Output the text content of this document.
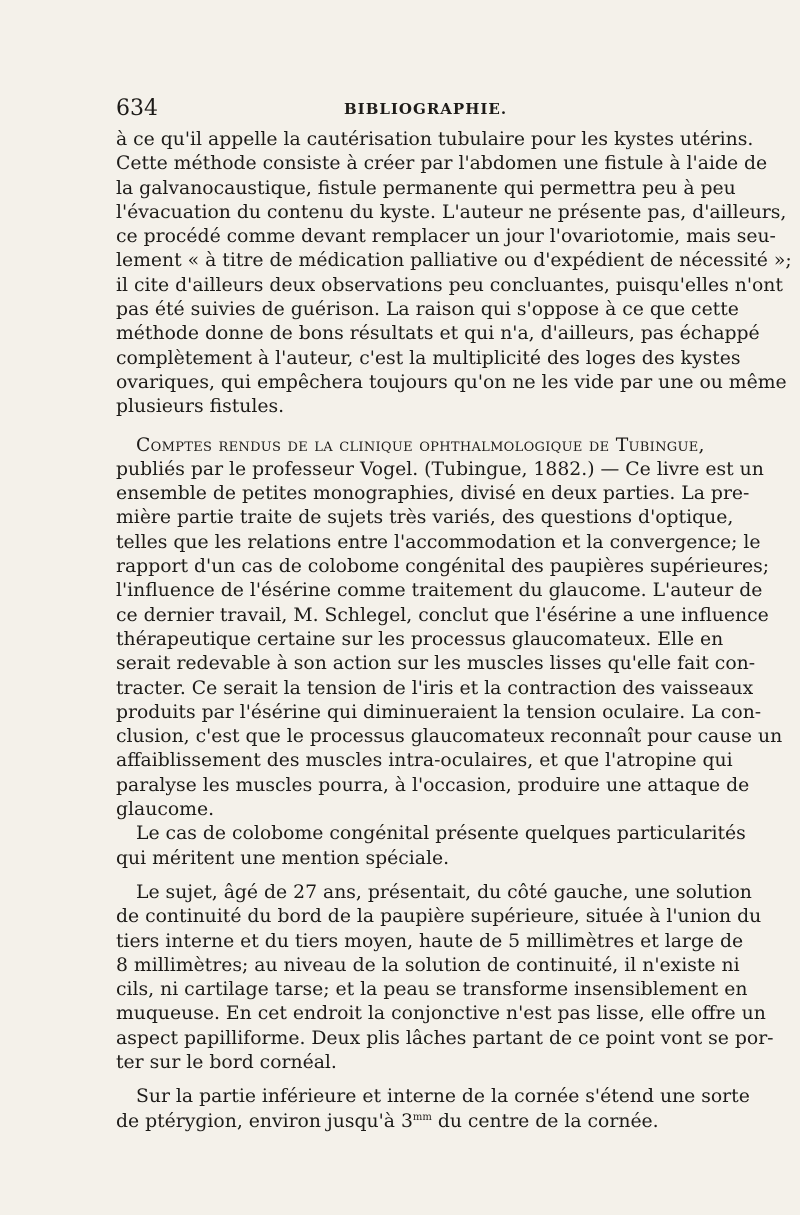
634	BIBLIOGRAPHIE.
à ce qu'il appelle la cautérisation tubulaire pour les kystes utérins.
Cette méthode consiste à créer par l'abdomen une fistule à l'aide de
la galvanocaustique, fistule permanente qui permettra peu à peu
l'évacuation du contenu du kyste. L'auteur ne présente pas, d'ailleurs,
ce procédé comme devant remplacer un jour l'ovariotomie, mais seu-
lement « à titre de médication palliative ou d'expédient de nécessité »;
il cite d'ailleurs deux observations peu concluantes, puisqu'elles n'ont
pas été suivies de guérison. La raison qui s'oppose à ce que cette
méthode donne de bons résultats et qui n'a, d'ailleurs, pas échappé
complètement à l'auteur, c'est la multiplicité des loges des kystes
ovariques, qui empêchera toujours qu'on ne les vide par une ou même
plusieurs fistules.
Comptes rendus de la clinique ophthalmologique de Tubingue,
publiés par le professeur Vogel. (Tubingue, 1882.) — Ce livre est un
ensemble de petites monographies, divisé en deux parties. La pre-
mière partie traite de sujets très variés, des questions d'optique,
telles que les relations entre l'accommodation et la convergence; le
rapport d'un cas de colobome congénital des paupières supérieures;
l'influence de l'ésérine comme traitement du glaucome. L'auteur de
ce dernier travail, M. Schlegel, conclut que l'ésérine a une influence
thérapeutique certaine sur les processus glaucomateux. Elle en
serait redevable à son action sur les muscles lisses qu'elle fait con-
tracter. Ce serait la tension de l'iris et la contraction des vaisseaux
produits par l'ésérine qui diminueraient la tension oculaire. La con-
clusion, c'est que le processus glaucomateux reconnaît pour cause un
affaiblissement des muscles intra-oculaires, et que l'atropine qui
paralyse les muscles pourra, à l'occasion, produire une attaque de
glaucome.
Le cas de colobome congénital présente quelques particularités
qui méritent une mention spéciale.
Le sujet, âgé de 27 ans, présentait, du côté gauche, une solution
de continuité du bord de la paupière supérieure, située à l'union du
tiers interne et du tiers moyen, haute de 5 millimètres et large de
8 millimètres; au niveau de la solution de continuité, il n'existe ni
cils, ni cartilage tarse; et la peau se transforme insensiblement en
muqueuse. En cet endroit la conjonctive n'est pas lisse, elle offre un
aspect papilliforme. Deux plis lâches partant de ce point vont se por-
ter sur le bord cornéal.
Sur la partie inférieure et interne de la cornée s'étend une sorte
de ptérygion, environ jusqu'à $3^{mm}$ du centre de la cornée.
